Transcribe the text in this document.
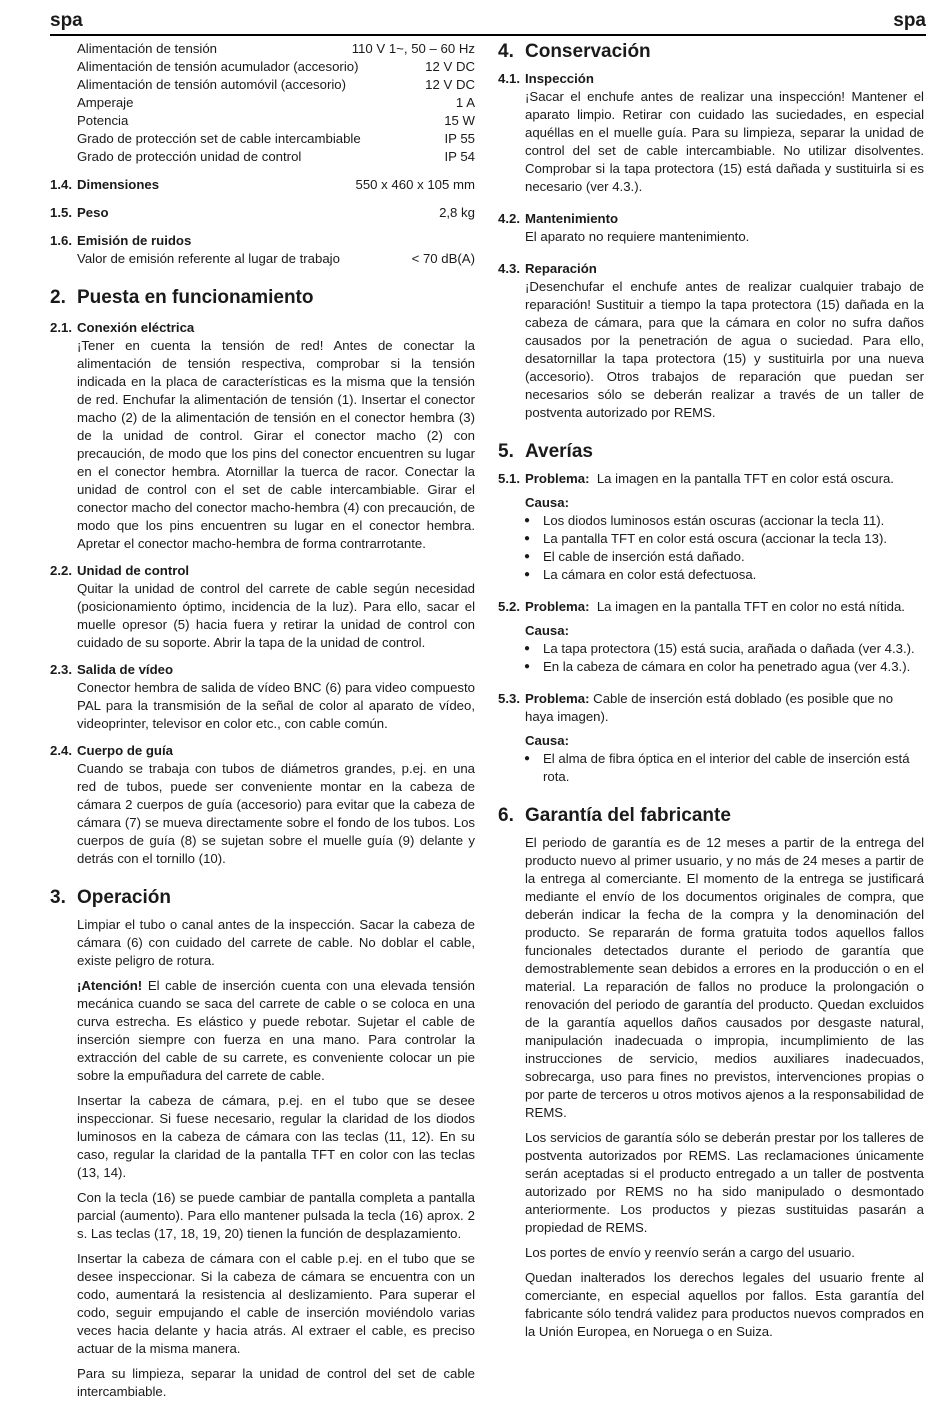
spa	spa
Alimentación de tensión	110 V 1~, 50 – 60 Hz
Alimentación de tensión acumulador (accesorio)	12 V DC
Alimentación de tensión automóvil (accesorio)	12 V DC
Amperaje	1 A
Potencia	15 W
Grado de protección set de cable intercambiable	IP 55
Grado de protección unidad de control	IP 54
1.4. Dimensiones	550 x 460 x 105 mm
1.5. Peso	2,8 kg
1.6. Emisión de ruidos
Valor de emisión referente al lugar de trabajo	< 70 dB(A)
2. Puesta en funcionamiento
2.1. Conexión eléctrica
¡Tener en cuenta la tensión de red! Antes de conectar la alimentación de tensión respectiva, comprobar si la tensión indicada en la placa de características es la misma que la tensión de red. Enchufar la alimentación de tensión (1). Insertar el conector macho (2) de la alimentación de tensión en el conector hembra (3) de la unidad de control. Girar el conector macho (2) con precaución, de modo que los pins del conector encuentren su lugar en el conector hembra. Atornillar la tuerca de racor. Conectar la unidad de control con el set de cable intercambiable. Girar el conector macho del conector macho-hembra (4) con precaución, de modo que los pins encuentren su lugar en el conector hembra. Apretar el conector macho-hembra de forma contrarrotante.
2.2. Unidad de control
Quitar la unidad de control del carrete de cable según necesidad (posicionamiento óptimo, incidencia de la luz). Para ello, sacar el muelle opresor (5) hacia fuera y retirar la unidad de control con cuidado de su soporte. Abrir la tapa de la unidad de control.
2.3. Salida de vídeo
Conector hembra de salida de vídeo BNC (6) para video compuesto PAL para la transmisión de la señal de color al aparato de vídeo, videoprinter, televisor en color etc., con cable común.
2.4. Cuerpo de guía
Cuando se trabaja con tubos de diámetros grandes, p.ej. en una red de tubos, puede ser conveniente montar en la cabeza de cámara 2 cuerpos de guía (accesorio) para evitar que la cabeza de cámara (7) se mueva directamente sobre el fondo de los tubos. Los cuerpos de guía (8) se sujetan sobre el muelle guía (9) delante y detrás con el tornillo (10).
3. Operación
Limpiar el tubo o canal antes de la inspección. Sacar la cabeza de cámara (6) con cuidado del carrete de cable. No doblar el cable, existe peligro de rotura.
¡Atención! El cable de inserción cuenta con una elevada tensión mecánica cuando se saca del carrete de cable o se coloca en una curva estrecha. Es elástico y puede rebotar. Sujetar el cable de inserción siempre con fuerza en una mano. Para controlar la extracción del cable de su carrete, es conveniente colocar un pie sobre la empuñadura del carrete de cable.
Insertar la cabeza de cámara, p.ej. en el tubo que se desee inspeccionar. Si fuese necesario, regular la claridad de los diodos luminosos en la cabeza de cámara con las teclas (11, 12). En su caso, regular la claridad de la pantalla TFT en color con las teclas (13, 14).
Con la tecla (16) se puede cambiar de pantalla completa a pantalla parcial (aumento). Para ello mantener pulsada la tecla (16) aprox. 2 s. Las teclas (17, 18, 19, 20) tienen la función de desplazamiento.
Insertar la cabeza de cámara con el cable p.ej. en el tubo que se desee inspeccionar. Si la cabeza de cámara se encuentra con un codo, aumentará la resistencia al deslizamiento. Para superar el codo, seguir empujando el cable de inserción moviéndolo varias veces hacia delante y hacia atrás. Al extraer el cable, es preciso actuar de la misma manera.
Para su limpieza, separar la unidad de control del set de cable intercambiable.
4. Conservación
4.1. Inspección
¡Sacar el enchufe antes de realizar una inspección! Mantener el aparato limpio. Retirar con cuidado las suciedades, en especial aquéllas en el muelle guía. Para su limpieza, separar la unidad de control del set de cable intercambiable. No utilizar disolventes. Comprobar si la tapa protectora (15) está dañada y sustituirla si es necesario (ver 4.3.).
4.2. Mantenimiento
El aparato no requiere mantenimiento.
4.3. Reparación
¡Desenchufar el enchufe antes de realizar cualquier trabajo de reparación! Sustituir a tiempo la tapa protectora (15) dañada en la cabeza de cámara, para que la cámara en color no sufra daños causados por la penetración de agua o suciedad. Para ello, desatornillar la tapa protectora (15) y sustituirla por una nueva (accesorio). Otros trabajos de reparación que puedan ser necesarios sólo se deberán realizar a través de un taller de postventa autorizado por REMS.
5. Averías
5.1. Problema: La imagen en la pantalla TFT en color está oscura.
Causa:
● Los diodos luminosos están oscuras (accionar la tecla 11).
● La pantalla TFT en color está oscura (accionar la tecla 13).
● El cable de inserción está dañado.
● La cámara en color está defectuosa.
5.2. Problema: La imagen en la pantalla TFT en color no está nítida.
Causa:
● La tapa protectora (15) está sucia, arañada o dañada (ver 4.3.).
● En la cabeza de cámara en color ha penetrado agua (ver 4.3.).
5.3. Problema: Cable de inserción está doblado (es posible que no haya imagen).
Causa:
● El alma de fibra óptica en el interior del cable de inserción está rota.
6. Garantía del fabricante
El periodo de garantía es de 12 meses a partir de la entrega del producto nuevo al primer usuario, y no más de 24 meses a partir de la entrega al comerciante. El momento de la entrega se justificará mediante el envío de los documentos originales de compra, que deberán indicar la fecha de la compra y la denominación del producto. Se repararán de forma gratuita todos aquellos fallos funcionales detectados durante el periodo de garantía que demostrablemente sean debidos a errores en la producción o en el material. La reparación de fallos no produce la prolongación o renovación del periodo de garantía del producto. Quedan excluidos de la garantía aquellos daños causados por desgaste natural, manipulación inadecuada o impropia, incumplimiento de las instrucciones de servicio, medios auxiliares inadecuados, sobrecarga, uso para fines no previstos, intervenciones propias o por parte de terceros u otros motivos ajenos a la responsabilidad de REMS.
Los servicios de garantía sólo se deberán prestar por los talleres de postventa autorizados por REMS. Las reclamaciones únicamente serán aceptadas si el producto entregado a un taller de postventa autorizado por REMS no ha sido manipulado o desmontado anteriormente. Los productos y piezas sustituidas pasarán a propiedad de REMS.
Los portes de envío y reenvío serán a cargo del usuario.
Quedan inalterados los derechos legales del usuario frente al comerciante, en especial aquellos por fallos. Esta garantía del fabricante sólo tendrá validez para productos nuevos comprados en la Unión Europea, en Noruega o en Suiza.
